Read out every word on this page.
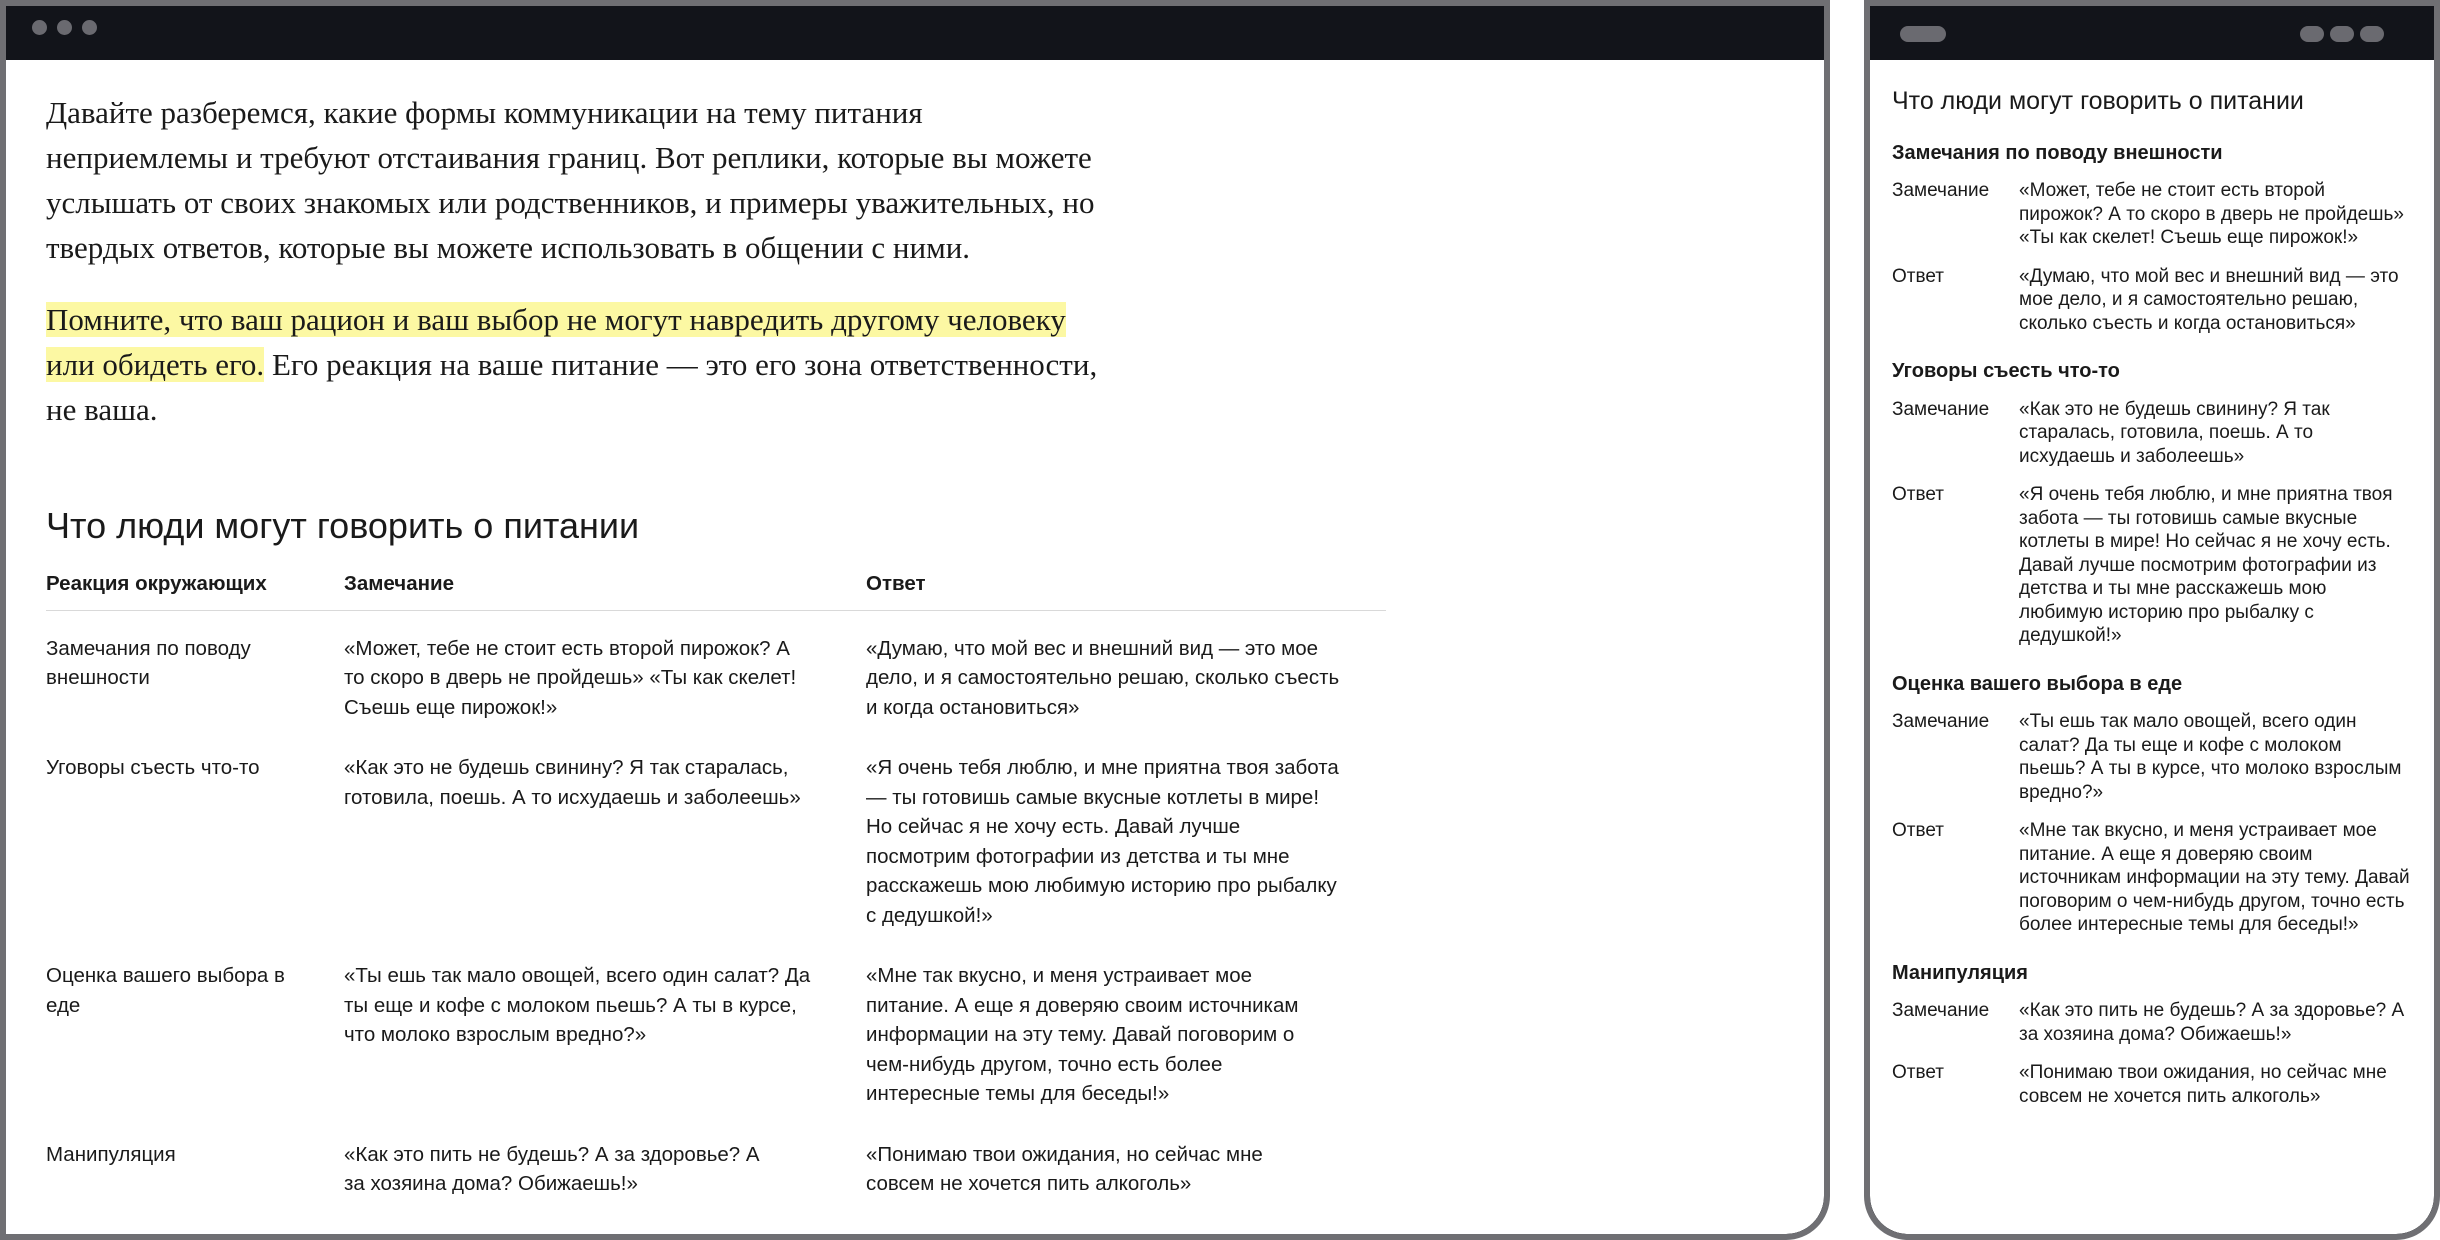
Давайте разберемся, какие формы коммуникации на тему питания неприемлемы и требуют отстаивания границ. Вот реплики, которые вы можете услышать от своих знакомых или родственников, и примеры уважительных, но твердых ответов, которые вы можете использовать в общении с ними.

Помните, что ваш рацион и ваш выбор не могут навредить другому человеку или обидеть его. Его реакция на ваше питание — это его зона ответственности, не ваша.

Что люди могут говорить о питании
Реакция окружающих	Замечание	Ответ

Замечания по поводу внешности	«Может, тебе не стоит есть второй пирожок? А то скоро в дверь не пройдешь» «Ты как скелет! Съешь еще пирожок!»	«Думаю, что мой вес и внешний вид — это мое дело, и я самостоятельно решаю, сколько съесть и когда остановиться»

Уговоры съесть что-то	«Как это не будешь свинину? Я так старалась, готовила, поешь. А то исхудаешь и заболеешь»	«Я очень тебя люблю, и мне приятна твоя забота — ты готовишь самые вкусные котлеты в мире! Но сейчас я не хочу есть. Давай лучше посмотрим фотографии из детства и ты мне расскажешь мою любимую историю про рыбалку с дедушкой!»

Оценка вашего выбора в еде	«Ты ешь так мало овощей, всего один салат? Да ты еще и кофе с молоком пьешь? А ты в курсе, что молоко взрослым вредно?»	«Мне так вкусно, и меня устраивает мое питание. А еще я доверяю своим источникам информации на эту тему. Давай поговорим о чем-нибудь другом, точно есть более интересные темы для беседы!»

Манипуляция	«Как это пить не будешь? А за здоровье? А за хозяина дома? Обижаешь!»	«Понимаю твои ожидания, но сейчас мне совсем не хочется пить алкоголь»
Что люди могут говорить о питании
Замечания по поводу внешности
Замечание	«Может, тебе не стоит есть второй пирожок? А то скоро в дверь не пройдешь» «Ты как скелет! Съешь еще пирожок!»
Ответ	«Думаю, что мой вес и внешний вид — это мое дело, и я самостоятельно решаю, сколько съесть и когда остановиться»
Уговоры съесть что-то
Замечание	«Как это не будешь свинину? Я так старалась, готовила, поешь. А то исхудаешь и заболеешь»
Ответ	«Я очень тебя люблю, и мне приятна твоя забота — ты готовишь самые вкусные котлеты в мире! Но сейчас я не хочу есть. Давай лучше посмотрим фотографии из детства и ты мне расскажешь мою любимую историю про рыбалку с дедушкой!»
Оценка вашего выбора в еде
Замечание	«Ты ешь так мало овощей, всего один салат? Да ты еще и кофе с молоком пьешь? А ты в курсе, что молоко взрослым вредно?»
Ответ	«Мне так вкусно, и меня устраивает мое питание. А еще я доверяю своим источникам информации на эту тему. Давай поговорим о чем-нибудь другом, точно есть более интересные темы для беседы!»
Манипуляция
Замечание	«Как это пить не будешь? А за здоровье? А за хозяина дома? Обижаешь!»
Ответ	«Понимаю твои ожидания, но сейчас мне совсем не хочется пить алкоголь»
